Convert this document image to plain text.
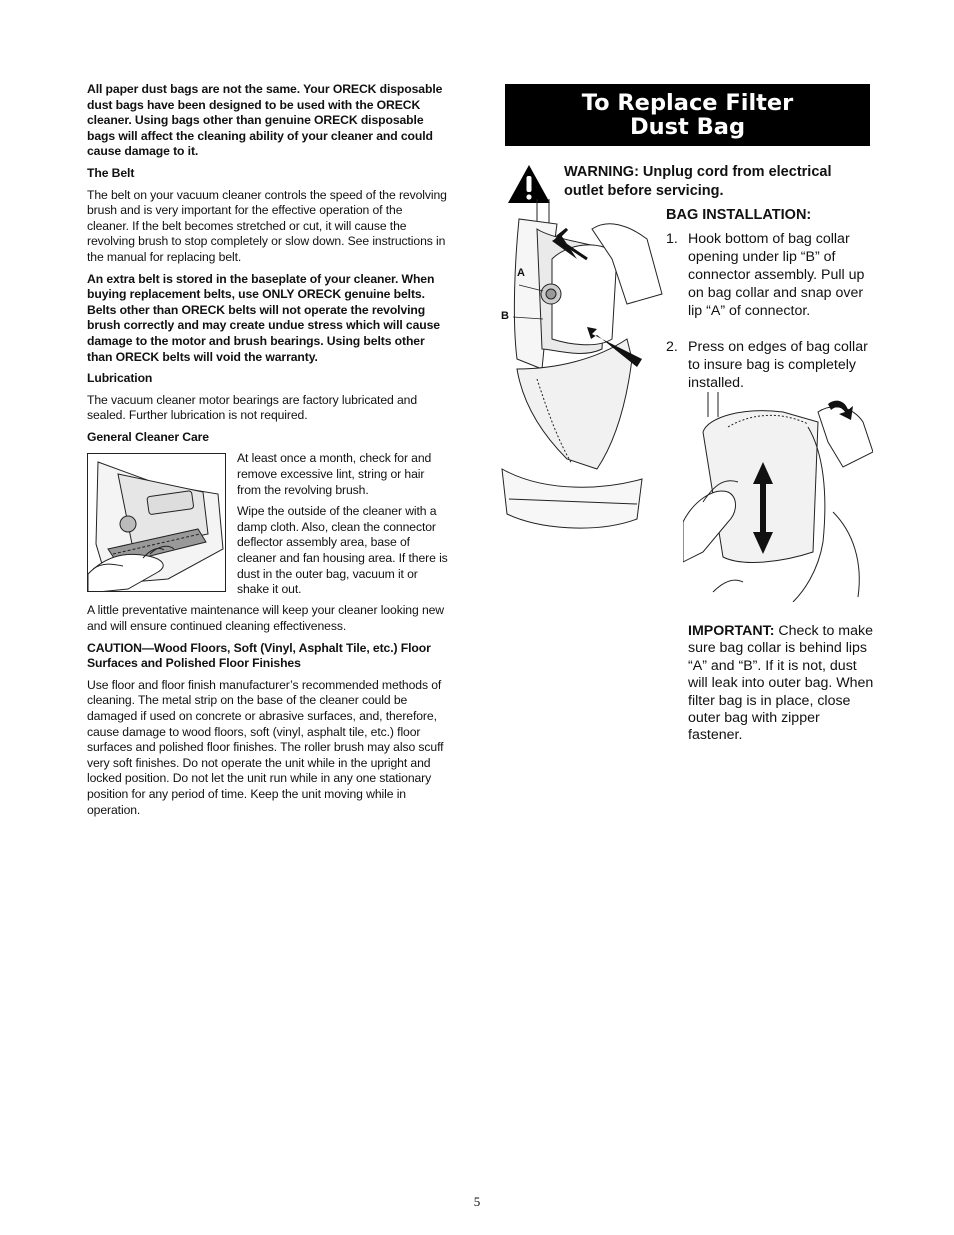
All paper dust bags are not the same. Your ORECK disposable dust bags have been designed to be used with the ORECK cleaner. Using bags other than genuine ORECK disposable bags will affect the cleaning ability of your cleaner and could cause damage to it.

The Belt

The belt on your vacuum cleaner controls the speed of the revolving brush and is very important for the effective operation of the cleaner. If the belt becomes stretched or cut, it will cause the revolving brush to stop completely or slow down. See instructions in the manual for replacing belt.

An extra belt is stored in the baseplate of your cleaner. When buying replacement belts, use ONLY ORECK genuine belts. Belts other than ORECK belts will not operate the revolving brush correctly and may create undue stress which will cause damage to the motor and brush bearings. Using belts other than ORECK belts will void the warranty.

Lubrication

The vacuum cleaner motor bearings are factory lubricated and sealed. Further lubrication is not required.

General Cleaner Care

At least once a month, check for and remove excessive lint, string or hair from the revolving brush.

Wipe the outside of the cleaner with a damp cloth. Also, clean the connector deflector assembly area, base of cleaner and fan housing area. If there is dust in the outer bag, vacuum it or shake it out.

A little preventative maintenance will keep your cleaner looking new and will ensure continued cleaning effectiveness.

CAUTION—Wood Floors, Soft (Vinyl, Asphalt Tile, etc.) Floor Surfaces and Polished Floor Finishes

Use floor and floor finish manufacturer’s recommended methods of cleaning. The metal strip on the base of the cleaner could be damaged if used on concrete or abrasive surfaces, and, therefore, cause damage to wood floors, soft (vinyl, asphalt tile, etc.) floor surfaces and polished floor finishes. The roller brush may also scuff very soft finishes. Do not operate the unit while in the upright and locked position. Do not let the unit run while in any one stationary position for any period of time. Keep the unit moving while in operation.

To Replace Filter
Dust Bag
WARNING: Unplug cord from electrical outlet before servicing.
BAG INSTALLATION:
1. Hook bottom of bag collar opening under lip “B” of connector assembly. Pull up on bag collar and snap over lip “A” of connector.
2. Press on edges of bag collar to insure bag is completely installed.
A
B
IMPORTANT: Check to make sure bag collar is behind lips “A” and “B”. If it is not, dust will leak into outer bag. When filter bag is in place, close outer bag with zipper fastener.
5
